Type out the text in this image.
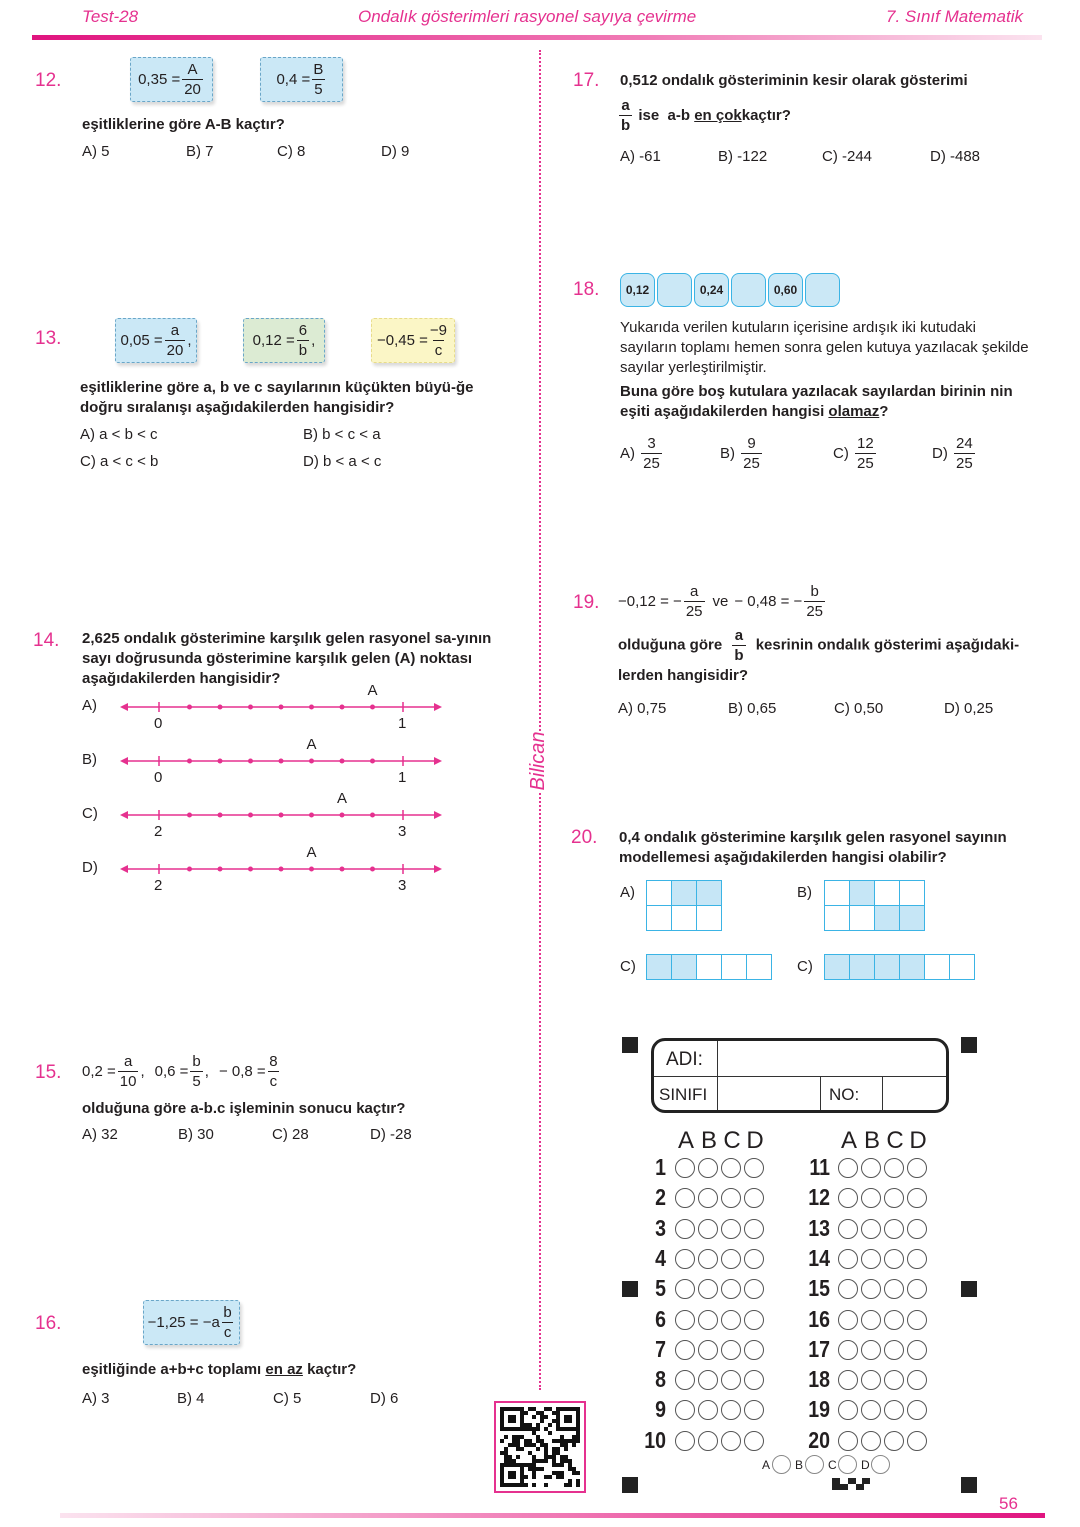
Test-28	Ondalık gösterimleri rasyonel sayıya çevirme	7. Sınıf Matematik
Bilican
12.	$0,35 = \frac{A}{20}$	$0,4 = \frac{B}{5}$
eşitliklerine göre A-B kaçtır?
A) 5	B) 7	C) 8	D) 9
13.	$0,05 = \frac{a}{20}$ ,	$0,12 = \frac{6}{b}$ ,	$-0,45 = \frac{-9}{c}$
eşitliklerine göre a, b ve c sayılarının küçükten büyü-ğe doğru sıralanışı aşağıdakilerden hangisidir?
A) a < b < c	B) b < c < a
C) a < c < b	D) b < a < c
14. 2,625 ondalık gösterimine karşılık gelen rasyonel sa-yının sayı doğrusunda gösterimine karşılık gelen (A) noktası aşağıdakilerden hangisidir?
15. $0,2 = \frac{a}{10}$ , $0,6 = \frac{b}{5}$ , − $0,8 = \frac{8}{c}$
olduğuna göre a-b.c işleminin sonucu kaçtır?
A) 32	B) 30	C) 28	D) -28
16.	$-1,25 = -a \frac{b}{c}$
eşitliğinde a+b+c toplamı en az kaçtır?
A) 3	B) 4	C) 5	D) 6
17. 0,512 ondalık gösteriminin kesir olarak gösterimi
$\frac{a}{b}$ ise  a-b en çok kaçtır?
A) -61	B) -122	C) -244	D) -488
18.	0,12	0,24	0,60
Yukarıda verilen kutuların içerisine ardışık iki kutudaki sayıların toplamı hemen sonra gelen kutuya yazılacak şekilde sayılar yerleştirilmiştir.
Buna göre boş kutulara yazılacak sayılardan birinin nin eşiti aşağıdakilerden hangisi olamaz?
A)
$\frac{3}{25}$	B)
$\frac{9}{25}$	C)
$\frac{12}{25}$	D)
$\frac{24}{25}$
19. −0,12 = − $\frac{a}{25}$ ve − 0,48 = − $\frac{b}{25}$
olduğuna göre $\frac{a}{b}$ kesrinin ondalık gösterimi aşağıdaki-lerden hangisidir?
A) 0,75	B) 0,65	C) 0,50	D) 0,25
20. 0,4 ondalık gösterimine karşılık gelen rasyonel sayının modellemesi aşağıdakilerden hangisi olabilir?
ADI:
SINIFI	NO:
56
A)
0	1
A
B)
0	1
A
C)
2	3
A
D)
2	3
A
A)	B)
C)	C)
A B C D
1
2
3
4
5
6
7
8
9
10
A B C D
11
12
13
14
15
16
17
18
19
20
A B C D
